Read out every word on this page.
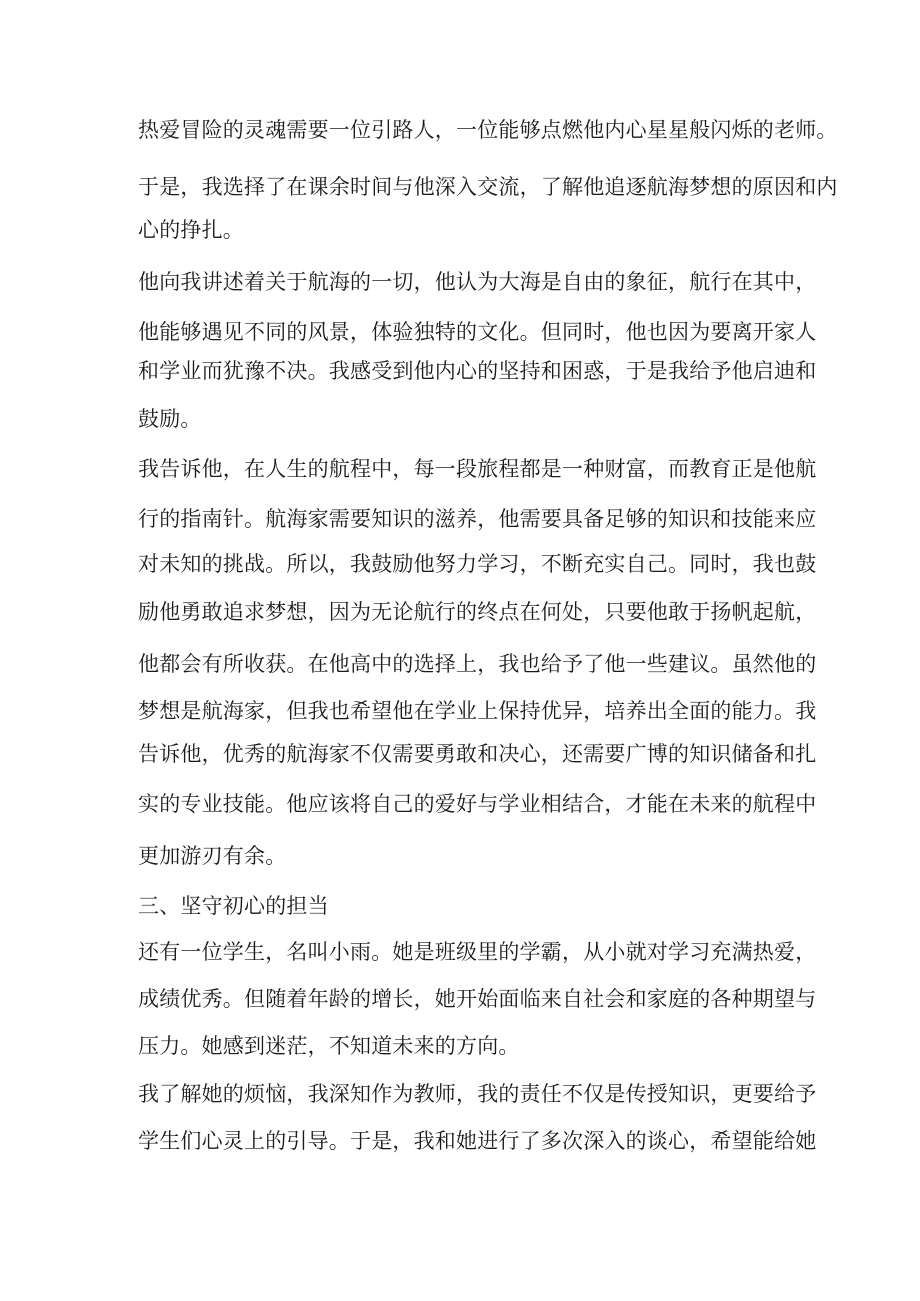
热爱冒险的灵魂需要一位引路人，一位能够点燃他内心星星般闪烁的老师。
于是，我选择了在课余时间与他深入交流，了解他追逐航海梦想的原因和内
心的挣扎。
他向我讲述着关于航海的一切，他认为大海是自由的象征，航行在其中，
他能够遇见不同的风景，体验独特的文化。但同时，他也因为要离开家人
和学业而犹豫不决。我感受到他内心的坚持和困惑，于是我给予他启迪和
鼓励。
我告诉他，在人生的航程中，每一段旅程都是一种财富，而教育正是他航
行的指南针。航海家需要知识的滋养，他需要具备足够的知识和技能来应
对未知的挑战。所以，我鼓励他努力学习，不断充实自己。同时，我也鼓
励他勇敢追求梦想，因为无论航行的终点在何处，只要他敢于扬帆起航，
他都会有所收获。在他高中的选择上，我也给予了他一些建议。虽然他的
梦想是航海家，但我也希望他在学业上保持优异，培养出全面的能力。我
告诉他，优秀的航海家不仅需要勇敢和决心，还需要广博的知识储备和扎
实的专业技能。他应该将自己的爱好与学业相结合，才能在未来的航程中
更加游刃有余。
三、坚守初心的担当
还有一位学生，名叫小雨。她是班级里的学霸，从小就对学习充满热爱，
成绩优秀。但随着年龄的增长，她开始面临来自社会和家庭的各种期望与
压力。她感到迷茫，不知道未来的方向。
我了解她的烦恼，我深知作为教师，我的责任不仅是传授知识，更要给予
学生们心灵上的引导。于是，我和她进行了多次深入的谈心，希望能给她
